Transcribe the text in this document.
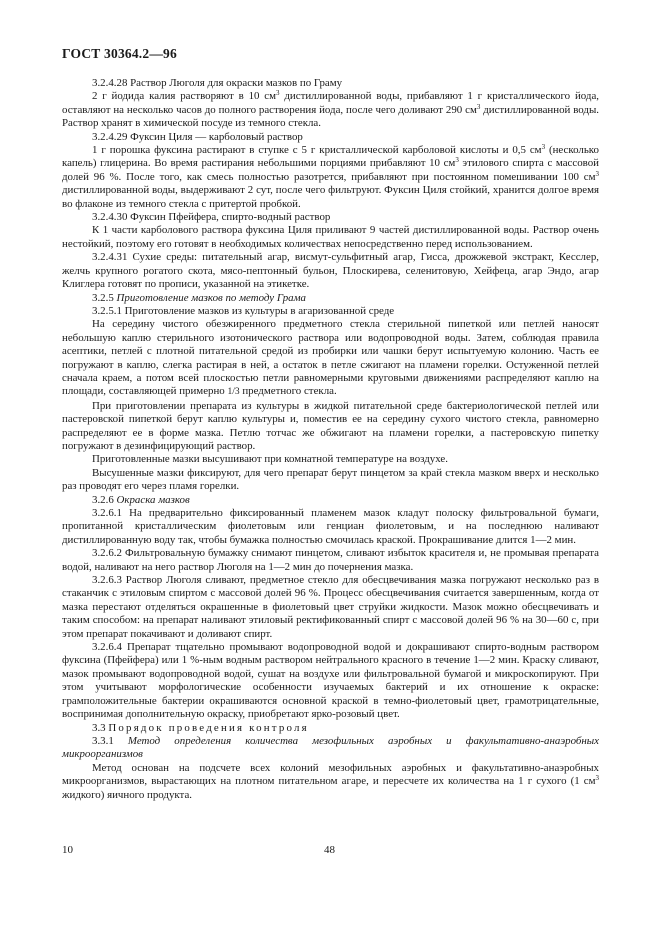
ГОСТ 30364.2—96

3.2.4.28 Раствор Люголя для окраски мазков по Граму

2 г йодида калия растворяют в 10 $см^3$ дистиллированной воды, прибавляют 1 г кристаллического йода, оставляют на несколько часов до полного растворения йода, после чего доливают 290 $см^3$ дистиллированной воды. Раствор хранят в химической посуде из темного стекла.

3.2.4.29 Фуксин Циля — карболовый раствор

1 г порошка фуксина растирают в ступке с 5 г кристаллической карболовой кислоты и 0,5 $см^3$ (несколько капель) глицерина. Во время растирания небольшими порциями прибавляют 10 $см^3$ этилового спирта с массовой долей 96 %. После того, как смесь полностью разотрется, прибавляют при постоянном помешивании 100 $см^3$ дистиллированной воды, выдерживают 2 сут, после чего фильтруют. Фуксин Циля стойкий, хранится долгое время во флаконе из темного стекла с притертой пробкой.

3.2.4.30 Фуксин Пфейфера, спирто-водный раствор

К 1 части карболового раствора фуксина Циля приливают 9 частей дистиллированной воды. Раствор очень нестойкий, поэтому его готовят в необходимых количествах непосредственно перед использованием.

3.2.4.31 Сухие среды: питательный агар, висмут-сульфитный агар, Гисса, дрожжевой экстракт, Кесслер, желчь крупного рогатого скота, мясо-пептонный бульон, Плоскирева, селенитовую, Хейфеца, агар Эндо, агар Клиглера готовят по прописи, указанной на этикетке.

3.2.5 Приготовление мазков по методу Грама

3.2.5.1 Приготовление мазков из культуры в агаризованной среде

На середину чистого обезжиренного предметного стекла стерильной пипеткой или петлей наносят небольшую каплю стерильного изотонического раствора или водопроводной воды. Затем, соблюдая правила асептики, петлей с плотной питательной средой из пробирки или чашки берут испытуемую колонию. Часть ее погружают в каплю, слегка растирая в ней, а остаток в петле сжигают на пламени горелки. Остуженной петлей сначала краем, а потом всей плоскостью петли равномерными круговыми движениями распределяют каплю на площади, составляющей примерно 1/3 предметного стекла.

При приготовлении препарата из культуры в жидкой питательной среде бактериологической петлей или пастеровской пипеткой берут каплю культуры и, поместив ее на середину сухого чистого стекла, равномерно распределяют ее в форме мазка. Петлю тотчас же обжигают на пламени горелки, а пастеровскую пипетку погружают в дезинфицирующий раствор.

Приготовленные мазки высушивают при комнатной температуре на воздухе.

Высушенные мазки фиксируют, для чего препарат берут пинцетом за край стекла мазком вверх и несколько раз проводят его через пламя горелки.

3.2.6 Окраска мазков

3.2.6.1 На предварительно фиксированный пламенем мазок кладут полоску фильтровальной бумаги, пропитанной кристаллическим фиолетовым или генциан фиолетовым, и на последнюю наливают дистиллированную воду так, чтобы бумажка полностью смочилась краской. Прокрашивание длится 1—2 мин.

3.2.6.2 Фильтровальную бумажку снимают пинцетом, сливают избыток красителя и, не промывая препарата водой, наливают на него раствор Люголя на 1—2 мин до почернения мазка.

3.2.6.3 Раствор Люголя сливают, предметное стекло для обесцвечивания мазка погружают несколько раз в стаканчик с этиловым спиртом с массовой долей 96 %. Процесс обесцвечивания считается завершенным, когда от мазка перестают отделяться окрашенные в фиолетовый цвет струйки жидкости. Мазок можно обесцвечивать и таким способом: на препарат наливают этиловый ректификованный спирт с массовой долей 96 % на 30—60 с, при этом препарат покачивают и доливают спирт.

3.2.6.4 Препарат тщательно промывают водопроводной водой и докрашивают спирто-водным раствором фуксина (Пфейфера) или 1 %-ным водным раствором нейтрального красного в течение 1—2 мин. Краску сливают, мазок промывают водопроводной водой, сушат на воздухе или фильтровальной бумагой и микроскопируют. При этом учитывают морфологические особенности изучаемых бактерий и их отношение к окраске: грамположительные бактерии окрашиваются основной краской в темно-фиолетовый цвет, грамотрицательные, воспринимая дополнительную окраску, приобретают ярко-розовый цвет.

3.3 Порядок проведения контроля

3.3.1 Метод определения количества мезофильных аэробных и факультативно-анаэробных микроорганизмов

Метод основан на подсчете всех колоний мезофильных аэробных и факультативно-анаэробных микроорганизмов, вырастающих на плотном питательном агаре, и пересчете их количества на 1 г сухого (1 $см^3$ жидкого) яичного продукта.

10	48
